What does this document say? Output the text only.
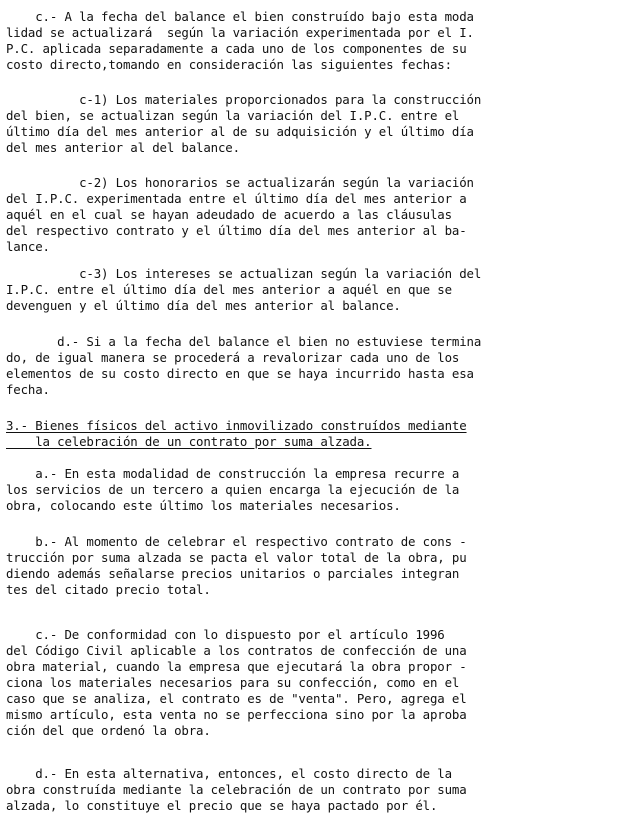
c.- A la fecha del balance el bien construído bajo esta moda
lidad se actualizará  según la variación experimentada por el I.
P.C. aplicada separadamente a cada uno de los componentes de su
costo directo,tomando en consideración las siguientes fechas:
c-1) Los materiales proporcionados para la construcción
del bien, se actualizan según la variación del I.P.C. entre el
último día del mes anterior al de su adquisición y el último día
del mes anterior al del balance.
c-2) Los honorarios se actualizarán según la variación
del I.P.C. experimentada entre el último día del mes anterior a
aquél en el cual se hayan adeudado de acuerdo a las cláusulas
del respectivo contrato y el último día del mes anterior al ba-
lance.
c-3) Los intereses se actualizan según la variación del
I.P.C. entre el último día del mes anterior a aquél en que se
devenguen y el último día del mes anterior al balance.
d.- Si a la fecha del balance el bien no estuviese termina
do, de igual manera se procederá a revalorizar cada uno de los
elementos de su costo directo en que se haya incurrido hasta esa
fecha.
3.- Bienes físicos del activo inmovilizado construídos mediante
la celebración de un contrato por suma alzada.
a.- En esta modalidad de construcción la empresa recurre a
los servicios de un tercero a quien encarga la ejecución de la
obra, colocando este último los materiales necesarios.
b.- Al momento de celebrar el respectivo contrato de cons -
trucción por suma alzada se pacta el valor total de la obra, pu
diendo además señalarse precios unitarios o parciales integran
tes del citado precio total.
c.- De conformidad con lo dispuesto por el artículo 1996
del Código Civil aplicable a los contratos de confección de una
obra material, cuando la empresa que ejecutará la obra propor -
ciona los materiales necesarios para su confección, como en el
caso que se analiza, el contrato es de "venta". Pero, agrega el
mismo artículo, esta venta no se perfecciona sino por la aproba
ción del que ordenó la obra.
d.- En esta alternativa, entonces, el costo directo de la
obra construída mediante la celebración de un contrato por suma
alzada, lo constituye el precio que se haya pactado por él.
